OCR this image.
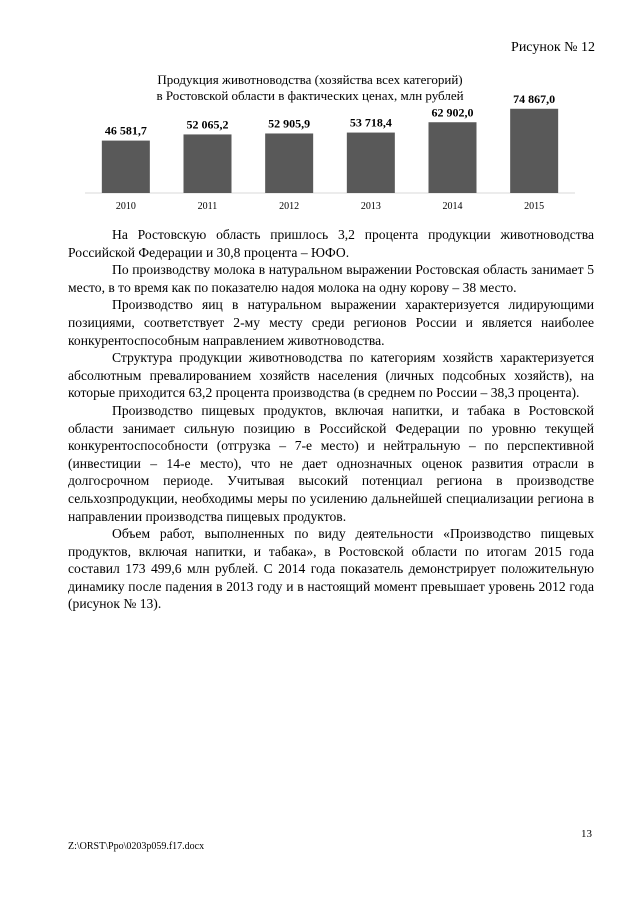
Рисунок № 12
Продукция животноводства (хозяйства всех категорий)
в Ростовской области в фактических ценах, млн рублей
46 581,7	52 065,2	52 905,9	53 718,4
62 902,0
74 867,0
2010	2011	2012	2013	2014	2015

На Ростовскую область пришлось 3,2 процента продукции животноводства Российской Федерации и 30,8 процента – ЮФО.

По производству молока в натуральном выражении Ростовская область занимает 5 место, в то время как по показателю надоя молока на одну корову – 38 место.

Производство яиц в натуральном выражении характеризуется лидирующими позициями, соответствует 2-му месту среди регионов России и является наиболее конкурентоспособным направлением животноводства.

Структура продукции животноводства по категориям хозяйств характеризуется абсолютным превалированием хозяйств населения (личных подсобных хозяйств), на которые приходится 63,2 процента производства (в среднем по России – 38,3 процента).

Производство пищевых продуктов, включая напитки, и табака в Ростовской области занимает сильную позицию в Российской Федерации по уровню текущей конкурентоспособности (отгрузка – 7-е место) и нейтральную – по перспективной (инвестиции – 14-е место), что не дает однозначных оценок развития отрасли в долгосрочном периоде. Учитывая высокий потенциал региона в производстве сельхозпродукции, необходимы меры по усилению дальнейшей специализации региона в направлении производства пищевых продуктов.

Объем работ, выполненных по виду деятельности «Производство пищевых продуктов, включая напитки, и табака», в Ростовской области по итогам 2015 года составил 173 499,6 млн рублей. С 2014 года показатель демонстрирует положительную динамику после падения в 2013 году и в настоящий момент превышает уровень 2012 года (рисунок № 13).

13
Z:\ORST\Ppo\0203p059.f17.docx
